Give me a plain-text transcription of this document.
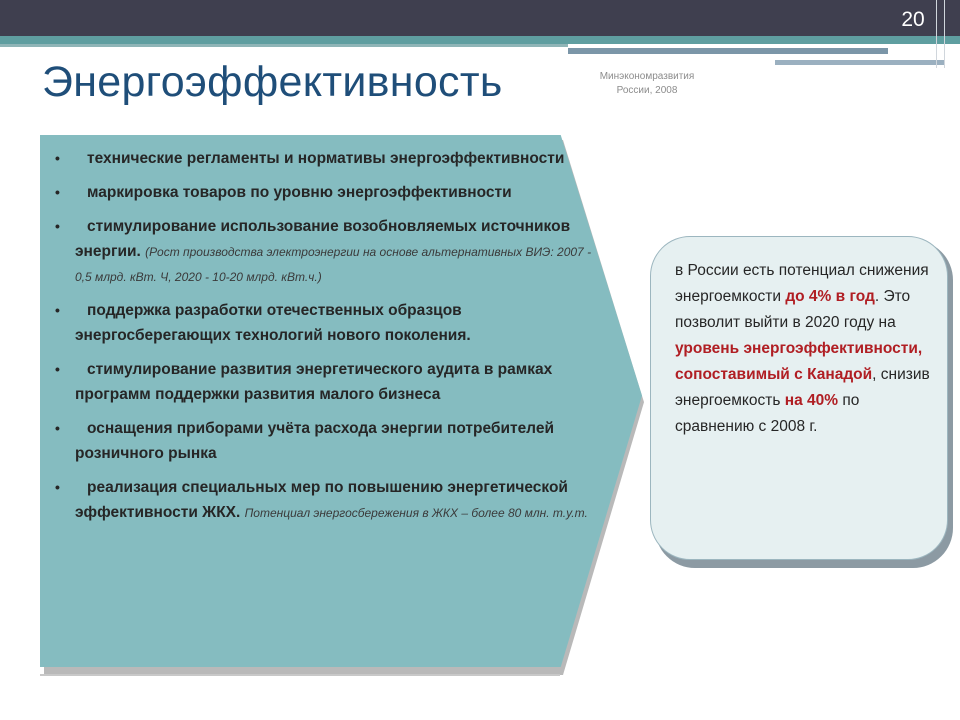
20
Энергоэффективность	Минэкономразвития
России, 2008
• технические регламенты и нормативы энергоэффективности
• маркировка товаров по уровню энергоэффективности
• стимулирование использование возобновляемых источников энергии. (Рост производства электроэнергии на основе альтернативных ВИЭ: 2007 - 0,5 млрд. кВт. Ч, 2020 - 10-20 млрд. кВт.ч.)
• поддержка разработки отечественных образцов энергосберегающих технологий нового поколения.
• стимулирование развития энергетического аудита в рамках программ поддержки развития малого бизнеса
• оснащения приборами учёта расхода энергии потребителей розничного рынка
• реализация специальных мер по повышению энергетической эффективности ЖКХ. Потенциал энергосбережения в ЖКХ – более 80 млн. т.у.т.
в России есть потенциал снижения энергоемкости до 4% в год. Это позволит выйти в 2020 году на уровень энергоэффективности, сопоставимый с Канадой, снизив энергоемкость на 40% по сравнению с 2008 г.
